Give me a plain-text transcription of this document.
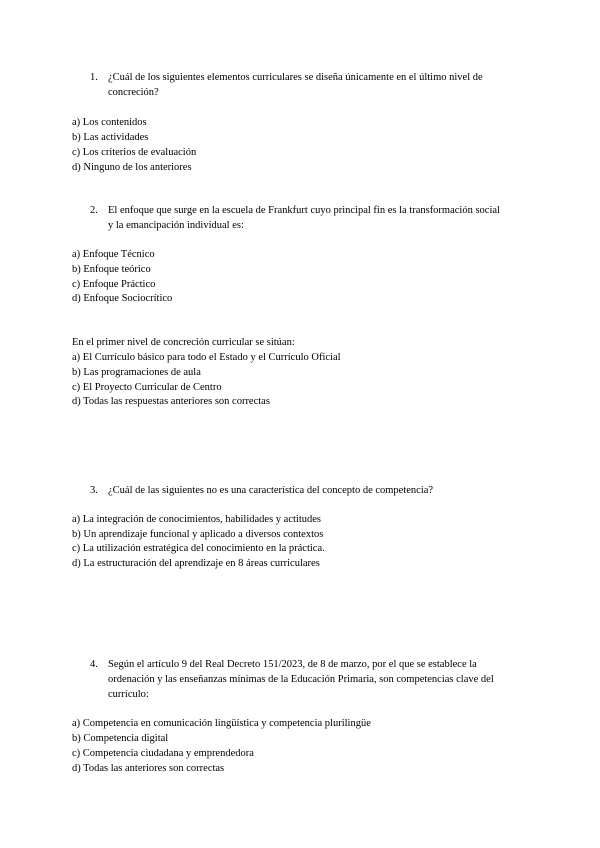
1. ¿Cuál de los siguientes elementos curriculares se diseña únicamente en el último nivel de
concreción?
a) Los contenidos
b) Las actividades
c) Los criterios de evaluación
d) Ninguno de los anteriores
2. El enfoque que surge en la escuela de Frankfurt cuyo principal fin es la transformación social
y la emancipación individual es:
a) Enfoque Técnico
b) Enfoque teórico
c) Enfoque Práctico
d) Enfoque Sociocrítico
En el primer nivel de concreción curricular se sitúan:
a) El Currículo básico para todo el Estado y el Currículo Oficial
b) Las programaciones de aula
c) El Proyecto Curricular de Centro
d) Todas las respuestas anteriores son correctas
3. ¿Cuál de las siguientes no es una característica del concepto de competencia?
a) La integración de conocimientos, habilidades y actitudes
b) Un aprendizaje funcional y aplicado a diversos contextos
c) La utilización estratégica del conocimiento en la práctica.
d) La estructuración del aprendizaje en 8 áreas curriculares
4. Según el artículo 9 del Real Decreto 151/2023, de 8 de marzo, por el que se establece la
ordenación y las enseñanzas mínimas de la Educación Primaria, son competencias clave del
currículo:
a) Competencia en comunicación lingüística y competencia plurilingüe
b) Competencia digital
c) Competencia ciudadana y emprendedora
d) Todas las anteriores son correctas
